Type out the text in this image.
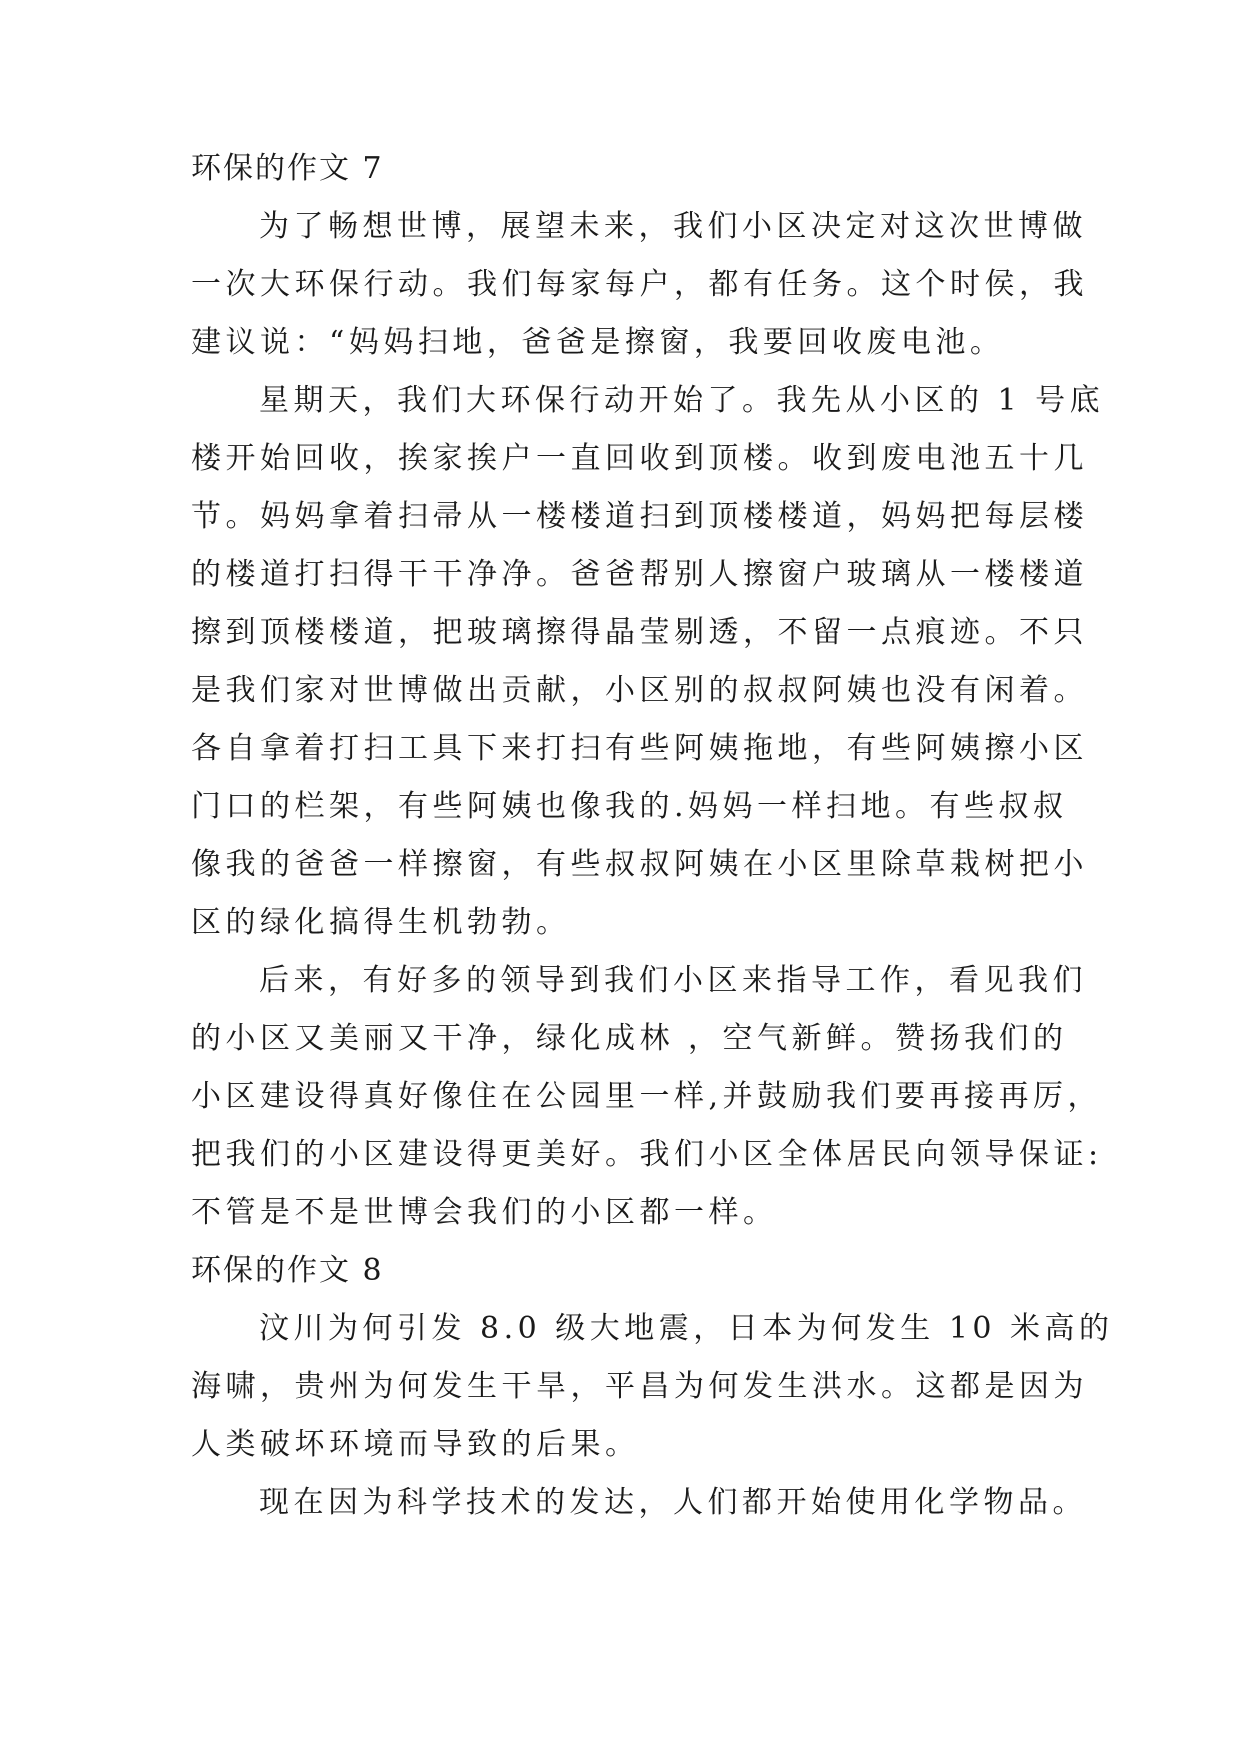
环保的作文 7
为了畅想世博，展望未来，我们小区决定对这次世博做
一次大环保行动。我们每家每户，都有任务。这个时侯，我
建议说：“妈妈扫地，爸爸是擦窗，我要回收废电池。
星期天，我们大环保行动开始了。我先从小区的 1 号底
楼开始回收，挨家挨户一直回收到顶楼。收到废电池五十几
节。妈妈拿着扫帚从一楼楼道扫到顶楼楼道，妈妈把每层楼
的楼道打扫得干干净净。爸爸帮别人擦窗户玻璃从一楼楼道
擦到顶楼楼道，把玻璃擦得晶莹剔透，不留一点痕迹。不只
是我们家对世博做出贡献，小区别的叔叔阿姨也没有闲着。
各自拿着打扫工具下来打扫有些阿姨拖地，有些阿姨擦小区
门口的栏架，有些阿姨也像我的.妈妈一样扫地。有些叔叔
像我的爸爸一样擦窗，有些叔叔阿姨在小区里除草栽树把小
区的绿化搞得生机勃勃。
后来，有好多的领导到我们小区来指导工作，看见我们
的小区又美丽又干净，绿化成林 ，空气新鲜。赞扬我们的
小区建设得真好像住在公园里一样,并鼓励我们要再接再厉，
把我们的小区建设得更美好。我们小区全体居民向领导保证:
不管是不是世博会我们的小区都一样。
环保的作文 8
汶川为何引发 8.0 级大地震，日本为何发生 10 米高的
海啸，贵州为何发生干旱，平昌为何发生洪水。这都是因为
人类破坏环境而导致的后果。
现在因为科学技术的发达，人们都开始使用化学物品。
